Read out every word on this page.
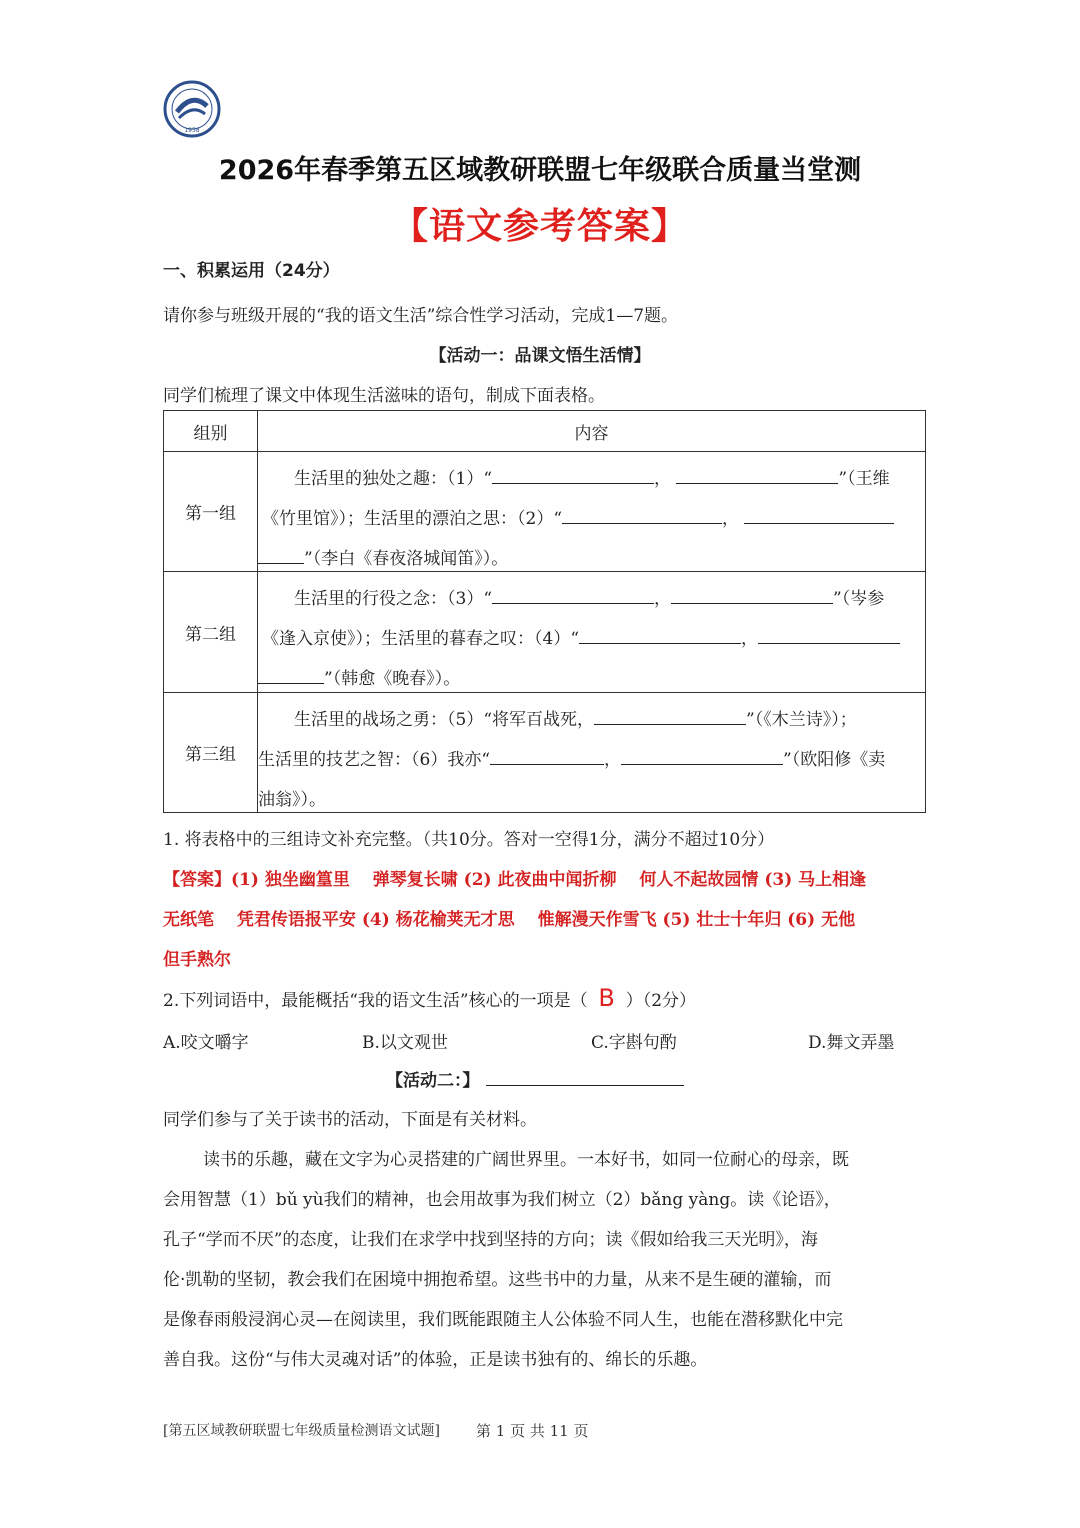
1958
2026年春季第五区域教研联盟七年级联合质量当堂测
【语文参考答案】
一、积累运用（24分）
请你参与班级开展的“我的语文生活”综合性学习活动，完成1—7题。
【活动一：品课文悟生活情】
同学们梳理了课文中体现生活滋味的语句，制成下面表格。
组别	内容
第一组	生活里的独处之趣：（1）“ ， ”（王维
《竹里馆》）；生活里的漂泊之思：（2）“ ，
”（李白《春夜洛城闻笛》）。

第二组	生活里的行役之念：（3）“ ， ”（岑参
《逢入京使》）；生活里的暮春之叹：（4）“ ，
”（韩愈《晚春》）。

第三组	生活里的战场之勇：（5）“将军百战死， ”（《木兰诗》）；
生活里的技艺之智：（6）我亦“ ， ”（欧阳修《卖
油翁》）。
1. 将表格中的三组诗文补充完整。（共10分。答对一空得1分，满分不超过10分）
【答案】(1) 独坐幽篁里　 弹琴复长啸 (2) 此夜曲中闻折柳　 何人不起故园情 (3) 马上相逢
无纸笔　 凭君传语报平安 (4) 杨花榆荚无才思　 惟解漫天作雪飞 (5) 壮士十年归 (6) 无他
但手熟尔
2.下列词语中，最能概括“我的语文生活”核心的一项是（ B ）（2分）
A.咬文嚼字	B.以文观世	C.字斟句酌	D.舞文弄墨
【活动二：】
同学们参与了关于读书的活动，下面是有关材料。
读书的乐趣，藏在文字为心灵搭建的广阔世界里。一本好书，如同一位耐心的母亲，既
会用智慧（1）bǔ yù我们的精神，也会用故事为我们树立（2）bǎng yàng。读《论语》，
孔子“学而不厌”的态度，让我们在求学中找到坚持的方向；读《假如给我三天光明》，海
伦·凯勒的坚韧，教会我们在困境中拥抱希望。这些书中的力量，从来不是生硬的灌输，而
是像春雨般浸润心灵—在阅读里，我们既能跟随主人公体验不同人生，也能在潜移默化中完
善自我。这份“与伟大灵魂对话”的体验，正是读书独有的、绵长的乐趣。
[第五区域教研联盟七年级质量检测语文试题] 第 1 页 共 11 页
